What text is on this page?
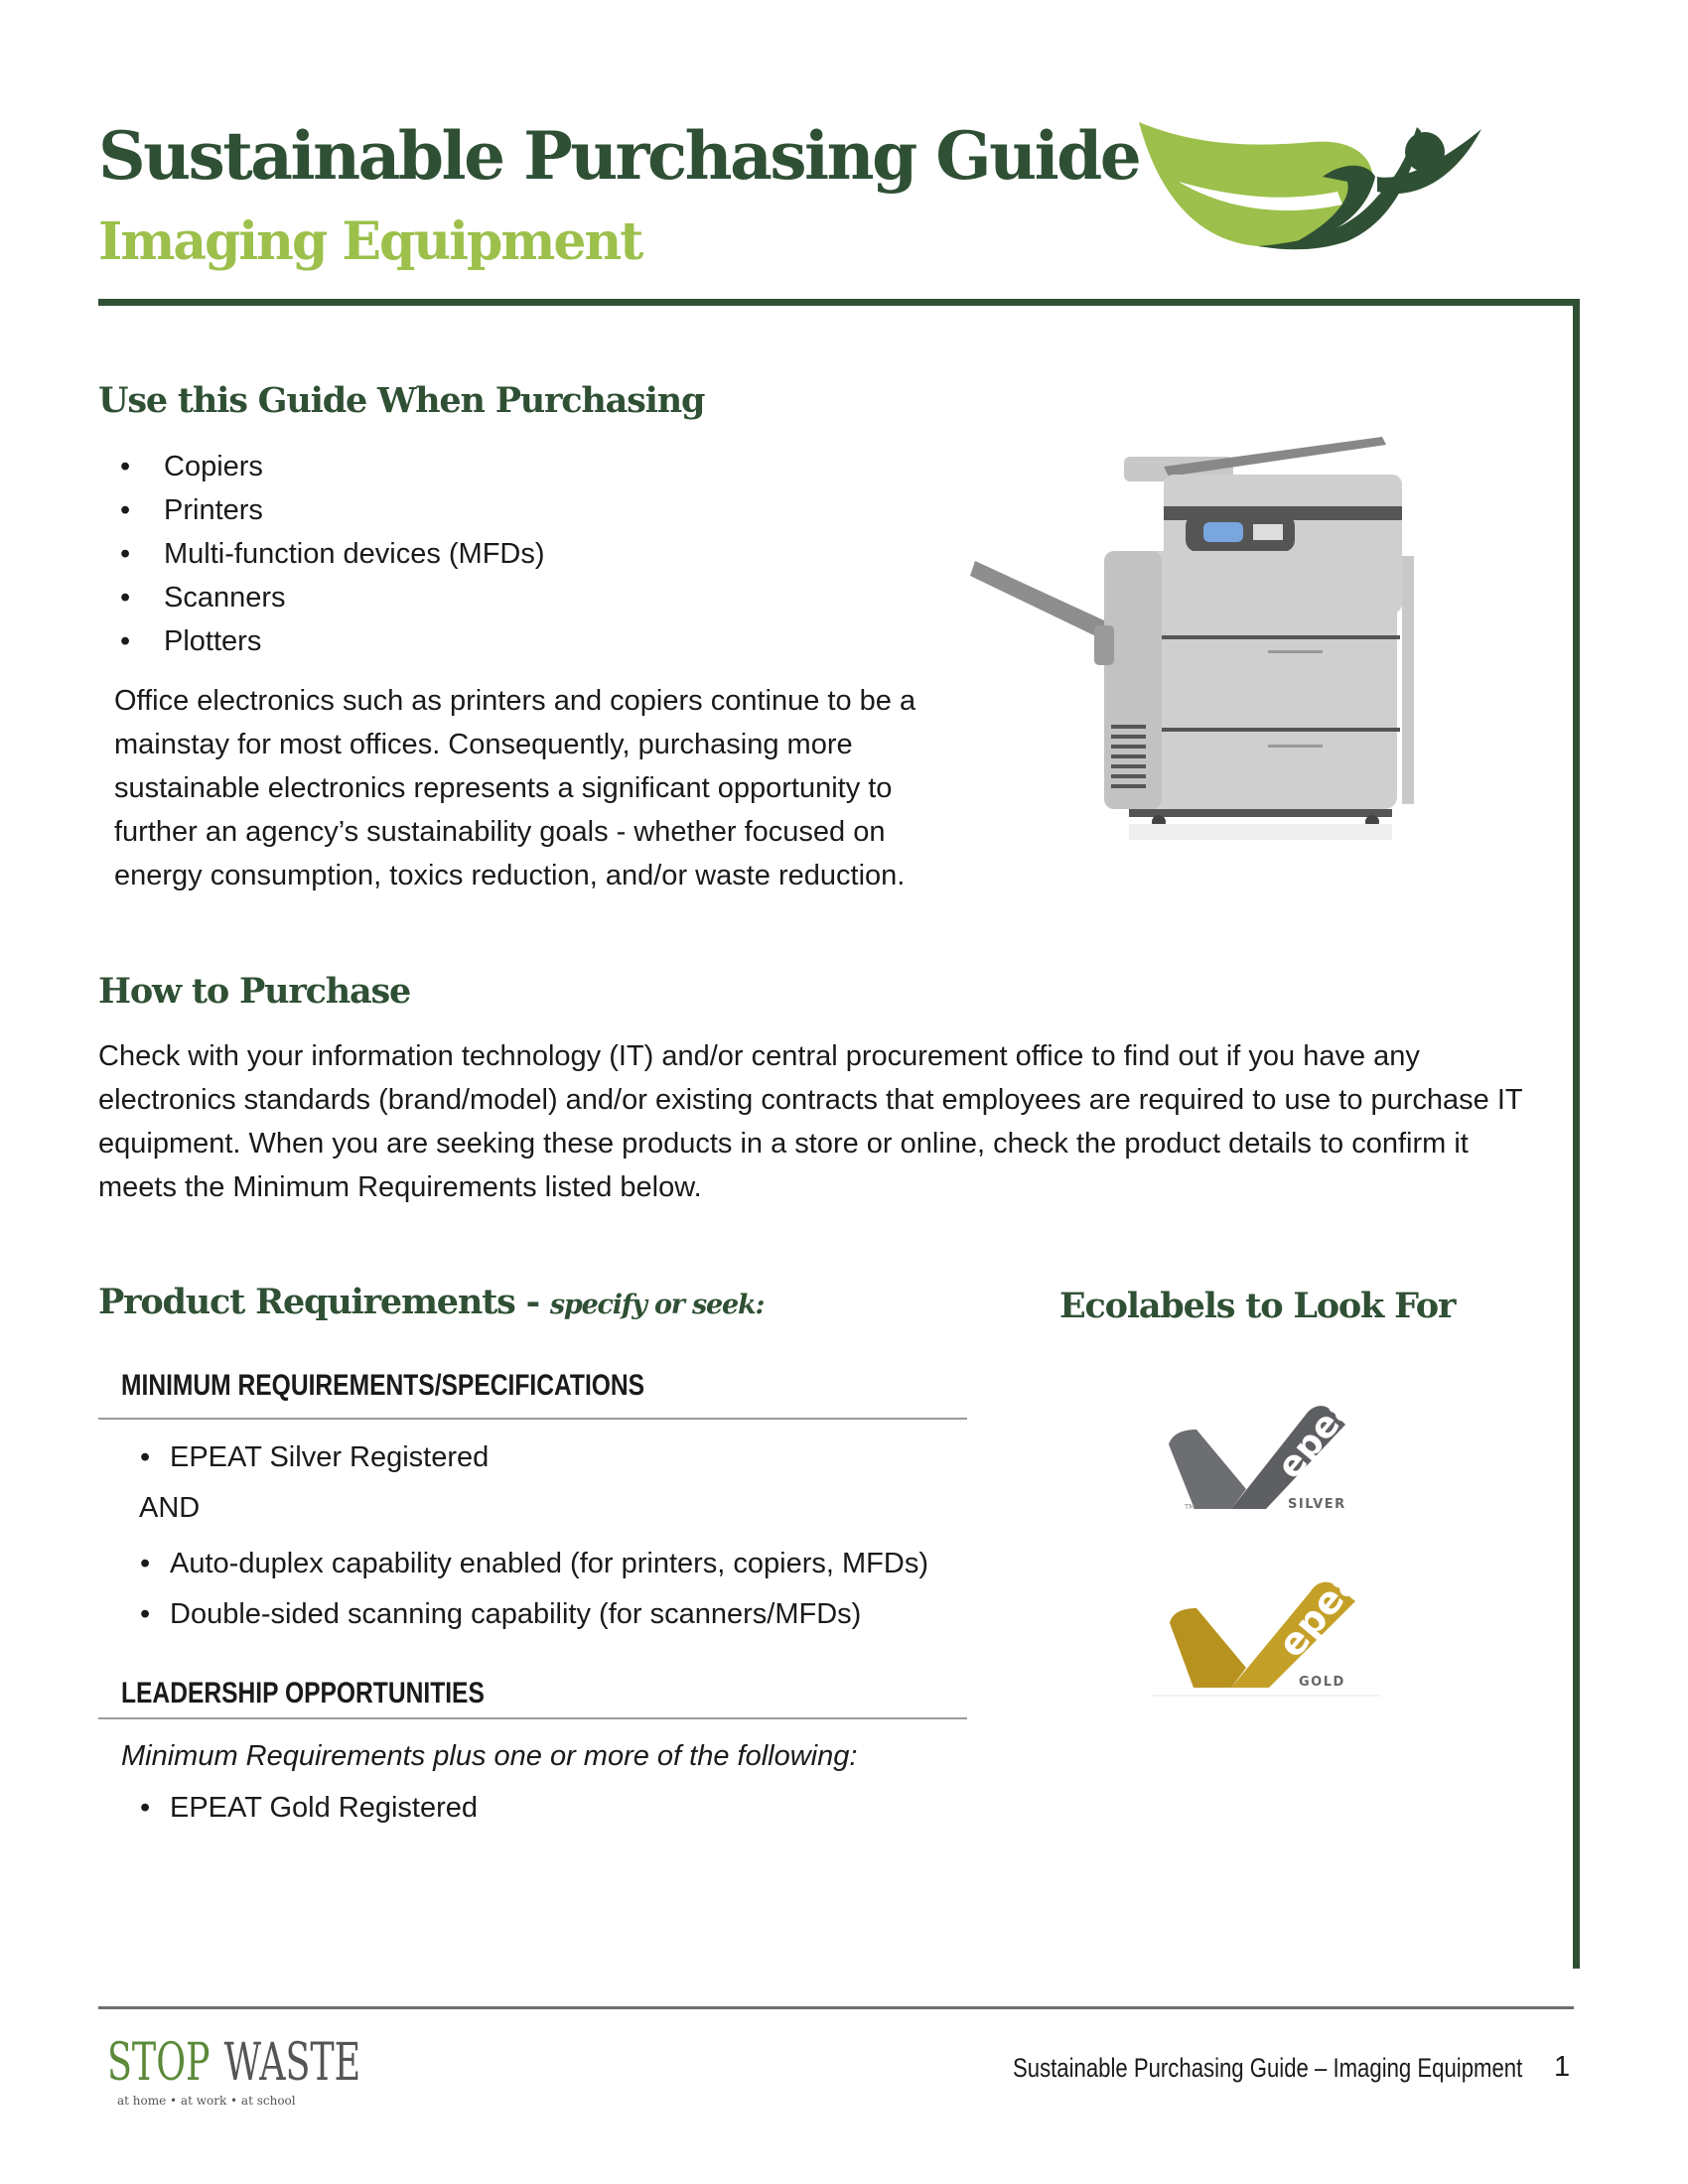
Sustainable Purchasing Guide
Imaging Equipment
Use this Guide When Purchasing
• Copiers
• Printers
• Multi-function devices (MFDs)
• Scanners
• Plotters
Office electronics such as printers and copiers continue to be a mainstay for most offices. Consequently, purchasing more sustainable electronics represents a significant opportunity to further an agency’s sustainability goals - whether focused on energy consumption, toxics reduction, and/or waste reduction.
How to Purchase
Check with your information technology (IT) and/or central procurement office to find out if you have any electronics standards (brand/model) and/or existing contracts that employees are required to use to purchase IT equipment. When you are seeking these products in a store or online, check the product details to confirm it meets the Minimum Requirements listed below.
Product Requirements - specify or seek:	Ecolabels to Look For
MINIMUM REQUIREMENTS/SPECIFICATIONS
• EPEAT Silver Registered
AND
• Auto-duplex capability enabled (for printers, copiers, MFDs)
• Double-sided scanning capability (for scanners/MFDs)
LEADERSHIP OPPORTUNITIES
Minimum Requirements plus one or more of the following:
• EPEAT Gold Registered
epeat
TM	SILVER
epeat
TM	GOLD
STOP WASTE
at home • at work • at school
Sustainable Purchasing Guide – Imaging Equipment 1
